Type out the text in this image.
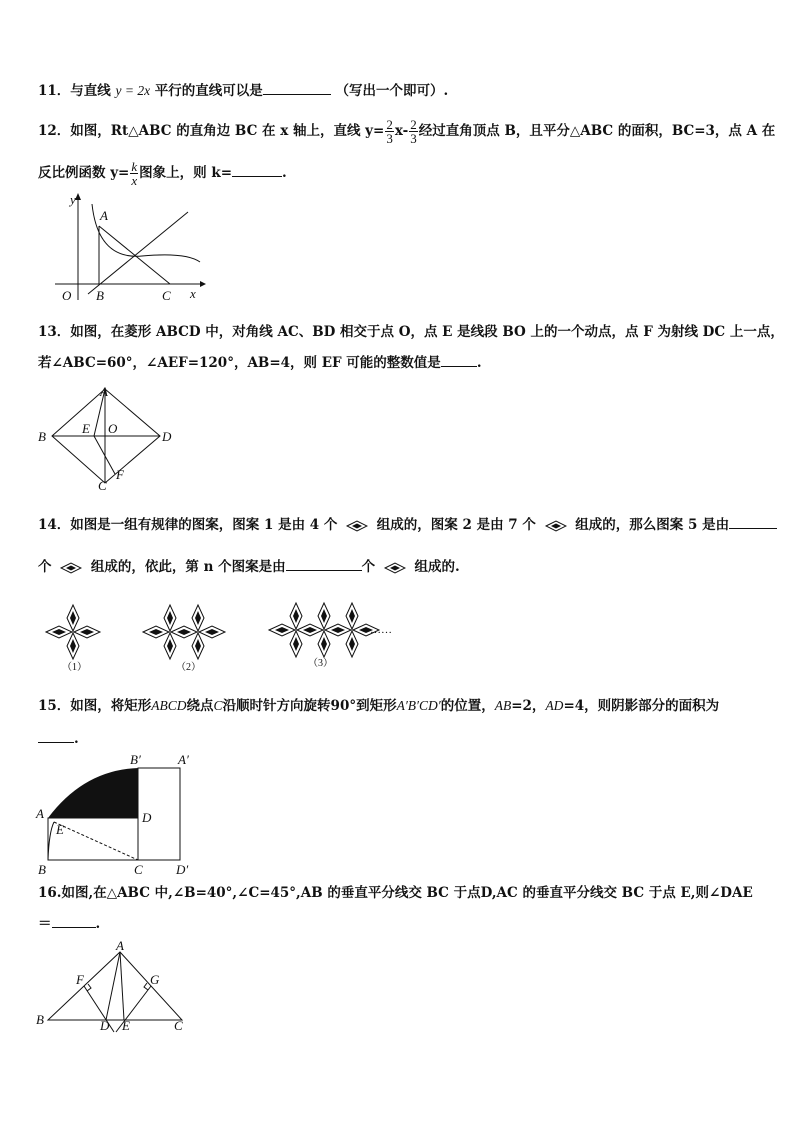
11．与直线 y = 2x 平行的直线可以是	（写出一个即可）.
12．如图，Rt△ABC 的直角边 BC 在 x 轴上，直线 $y= \frac{2}{3} x- \frac{2}{3}$ 经过直角顶点 B，且平分△ABC 的面积，BC=3，点 A 在
反比例函数 $y= \frac{k}{x}$ 图象上，则 k=	.
y
A
O B	C x
13．如图，在菱形 ABCD 中，对角线 AC、BD 相交于点 O，点 E 是线段 BO 上的一个动点，点 F 为射线 DC 上一点，
若∠ABC=60°，∠AEF=120°，AB=4，则 EF 可能的整数值是	.
A
B
C
D
E O
F
14．如图是一组有规律的图案，图案 1 是由 4 个	组成的，图案 2 是由 7 个	组成的，那么图案 5 是由
个	组成的，依此，第 n 个图案是由	个	组成的.
……
（1）	（2）	（3）
15．如图，将矩形ABCD绕点C沿顺时针方向旋转90°到矩形A′B′CD′的位置，AB=2，AD=4，则阴影部分的面积为
.
B′	A′
A	D
E
B	C	D′
16.如图,在△ABC 中,∠B=40°,∠C=45°,AB 的垂直平分线交 BC 于点D,AC 的垂直平分线交 BC 于点 E,则∠DAE
＝	.
A
F	G
B	D E	C
